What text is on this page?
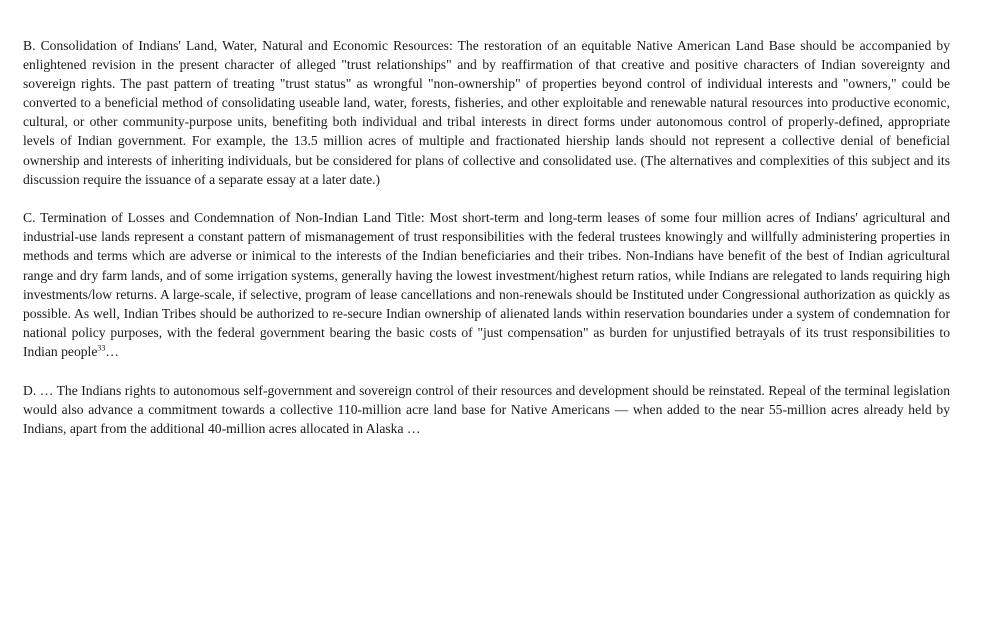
B. Consolidation of Indians' Land, Water, Natural and Economic Resources: The restoration of an equitable Native American Land Base should be accompanied by enlightened revision in the present character of alleged "trust relationships" and by reaffirmation of that creative and positive characters of Indian sovereignty and sovereign rights. The past pattern of treating "trust status" as wrongful "non-ownership" of properties beyond control of individual interests and "owners," could be converted to a beneficial method of consolidating useable land, water, forests, fisheries, and other exploitable and renewable natural resources into productive economic, cultural, or other community-purpose units, benefiting both individual and tribal interests in direct forms under autonomous control of properly-defined, appropriate levels of Indian government. For example, the 13.5 million acres of multiple and fractionated hiership lands should not represent a collective denial of beneficial ownership and interests of inheriting individuals, but be considered for plans of collective and consolidated use. (The alternatives and complexities of this subject and its discussion require the issuance of a separate essay at a later date.)

C. Termination of Losses and Condemnation of Non-Indian Land Title: Most short-term and long-term leases of some four million acres of Indians' agricultural and industrial-use lands represent a constant pattern of mismanagement of trust responsibilities with the federal trustees knowingly and willfully administering properties in methods and terms which are adverse or inimical to the interests of the Indian beneficiaries and their tribes. Non-Indians have benefit of the best of Indian agricultural range and dry farm lands, and of some irrigation systems, generally having the lowest investment/highest return ratios, while Indians are relegated to lands requiring high investments/low returns. A large-scale, if selective, program of lease cancellations and non-renewals should be Instituted under Congressional authorization as quickly as possible. As well, Indian Tribes should be authorized to re-secure Indian ownership of alienated lands within reservation boundaries under a system of condemnation for national policy purposes, with the federal government bearing the basic costs of "just compensation" as burden for unjustified betrayals of its trust responsibilities to Indian people$^{33}$…

D. … The Indians rights to autonomous self-government and sovereign control of their resources and development should be reinstated. Repeal of the terminal legislation would also advance a commitment towards a collective 110-million acre land base for Native Americans — when added to the near 55-million acres already held by Indians, apart from the additional 40-million acres allocated in Alaska …
